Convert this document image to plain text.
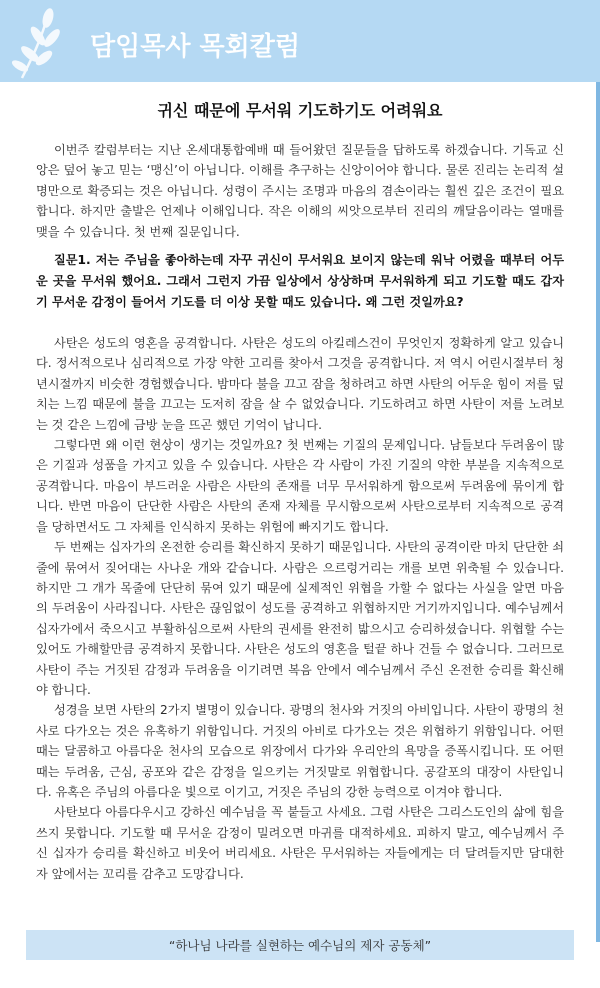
담임목사 목회칼럼
귀신 때문에 무서워 기도하기도 어려워요

이번주 칼럼부터는 지난 온세대통합예배 때 들어왔던 질문들을 답하도록 하겠습니다. 기독교 신앙은 덮어 놓고 믿는 ‘맹신’이 아닙니다. 이해를 추구하는 신앙이어야 합니다. 물론 진리는 논리적 설명만으로 확증되는 것은 아닙니다. 성령이 주시는 조명과 마음의 겸손이라는 훨씬 깊은 조건이 필요합니다. 하지만 출발은 언제나 이해입니다. 작은 이해의 씨앗으로부터 진리의 깨달음이라는 열매를 맺을 수 있습니다. 첫 번째 질문입니다.

질문1. 저는 주님을 좋아하는데 자꾸 귀신이 무서워요 보이지 않는데 워낙 어렸을 때부터 어두운 곳을 무서워 했어요. 그래서 그런지 가끔 일상에서 상상하며 무서워하게 되고 기도할 때도 갑자기 무서운 감정이 들어서 기도를 더 이상 못할 때도 있습니다. 왜 그런 것일까요?

사탄은 성도의 영혼을 공격합니다. 사탄은 성도의 아킬레스건이 무엇인지 정확하게 알고 있습니다. 정서적으로나 심리적으로 가장 약한 고리를 찾아서 그것을 공격합니다. 저 역시 어린시절부터 청년시절까지 비슷한 경험했습니다. 밤마다 불을 끄고 잠을 청하려고 하면 사탄의 어두운 힘이 저를 덮치는 느낌 때문에 불을 끄고는 도저히 잠을 살 수 없었습니다. 기도하려고 하면 사탄이 저를 노려보는 것 같은 느낌에 금방 눈을 뜨곤 했던 기억이 납니다.

그렇다면 왜 이런 현상이 생기는 것일까요? 첫 번째는 기질의 문제입니다. 남들보다 두려움이 많은 기질과 성품을 가지고 있을 수 있습니다. 사탄은 각 사람이 가진 기질의 약한 부분을 지속적으로 공격합니다. 마음이 부드러운 사람은 사탄의 존재를 너무 무서워하게 함으로써 두려움에 묶이게 합니다. 반면 마음이 단단한 사람은 사탄의 존재 자체를 무시함으로써 사탄으로부터 지속적으로 공격을 당하면서도 그 자체를 인식하지 못하는 위험에 빠지기도 합니다.

두 번째는 십자가의 온전한 승리를 확신하지 못하기 때문입니다. 사탄의 공격이란 마치 단단한 쇠줄에 묶여서 짖어대는 사나운 개와 같습니다. 사람은 으르렁거리는 개를 보면 위축될 수 있습니다. 하지만 그 개가 목줄에 단단히 묶여 있기 때문에 실제적인 위협을 가할 수 없다는 사실을 알면 마음의 두려움이 사라집니다. 사탄은 끊임없이 성도를 공격하고 위협하지만 거기까지입니다. 예수님께서 십자가에서 죽으시고 부활하심으로써 사탄의 권세를 완전히 밟으시고 승리하셨습니다. 위협할 수는 있어도 가해할만큼 공격하지 못합니다. 사탄은 성도의 영혼을 털끝 하나 건들 수 없습니다. 그러므로 사탄이 주는 거짓된 감정과 두려움을 이기려면 복음 안에서 예수님께서 주신 온전한 승리를 확신해야 합니다.

성경을 보면 사탄의 2가지 별명이 있습니다. 광명의 천사와 거짓의 아비입니다. 사탄이 광명의 천사로 다가오는 것은 유혹하기 위함입니다. 거짓의 아비로 다가오는 것은 위협하기 위함입니다. 어떤 때는 달콤하고 아름다운 천사의 모습으로 위장에서 다가와 우리안의 욕망을 증폭시킵니다. 또 어떤 때는 두려움, 근심, 공포와 같은 감정을 일으키는 거짓말로 위협합니다. 공갈포의 대장이 사탄입니다. 유혹은 주님의 아름다운 빛으로 이기고, 거짓은 주님의 강한 능력으로 이겨야 합니다.

사탄보다 아름다우시고 강하신 예수님을 꼭 붙들고 사세요. 그럼 사탄은 그리스도인의 삶에 힘을 쓰지 못합니다. 기도할 때 무서운 감정이 밀려오면 마귀를 대적하세요. 피하지 말고, 예수님께서 주신 십자가 승리를 확신하고 비웃어 버리세요. 사탄은 무서워하는 자들에게는 더 달려들지만 담대한 자 앞에서는 꼬리를 감추고 도망갑니다.

“하나님 나라를 실현하는 예수님의 제자 공동체”
